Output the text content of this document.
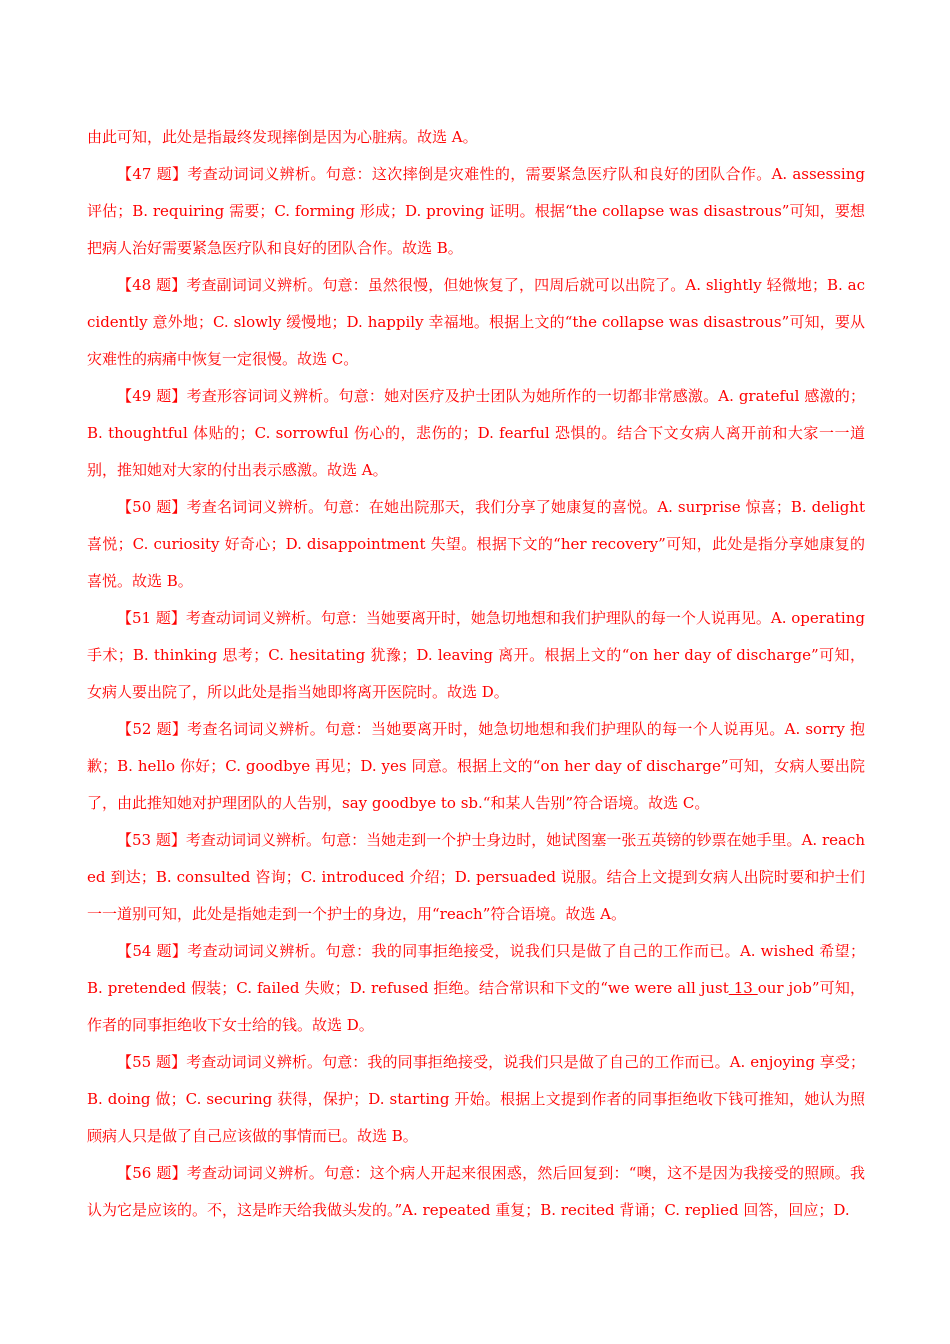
由此可知，此处是指最终发现摔倒是因为心脏病。故选 A。

【47 题】考查动词词义辨析。句意：这次摔倒是灾难性的，需要紧急医疗队和良好的团队合作。A. assessing 评估；B. requiring 需要；C. forming 形成；D. proving 证明。根据“the collapse was disastrous”可知，要想把病人治好需要紧急医疗队和良好的团队合作。故选 B。

【48 题】考查副词词义辨析。句意：虽然很慢，但她恢复了，四周后就可以出院了。A. slightly 轻微地；B. accidently 意外地；C. slowly 缓慢地；D. happily 幸福地。根据上文的“the collapse was disastrous”可知，要从灾难性的病痛中恢复一定很慢。故选 C。

【49 题】考查形容词词义辨析。句意：她对医疗及护士团队为她所作的一切都非常感激。A. grateful 感激的；B. thoughtful 体贴的；C. sorrowful 伤心的，悲伤的；D. fearful 恐惧的。结合下文女病人离开前和大家一一道别，推知她对大家的付出表示感激。故选 A。

【50 题】考查名词词义辨析。句意：在她出院那天，我们分享了她康复的喜悦。A. surprise 惊喜；B. delight 喜悦；C. curiosity 好奇心；D. disappointment 失望。根据下文的“her recovery”可知，此处是指分享她康复的喜悦。故选 B。

【51 题】考查动词词义辨析。句意：当她要离开时，她急切地想和我们护理队的每一个人说再见。A. operating 手术；B. thinking 思考；C. hesitating 犹豫；D. leaving 离开。根据上文的“on her day of discharge”可知，女病人要出院了，所以此处是指当她即将离开医院时。故选 D。

【52 题】考查名词词义辨析。句意：当她要离开时，她急切地想和我们护理队的每一个人说再见。A. sorry 抱歉；B. hello 你好；C. goodbye 再见；D. yes 同意。根据上文的“on her day of discharge”可知，女病人要出院了，由此推知她对护理团队的人告别，say goodbye to sb.“和某人告别”符合语境。故选 C。

【53 题】考查动词词义辨析。句意：当她走到一个护士身边时，她试图塞一张五英镑的钞票在她手里。A. reached 到达；B. consulted 咨询；C. introduced 介绍；D. persuaded 说服。结合上文提到女病人出院时要和护士们一一道别可知，此处是指她走到一个护士的身边，用“reach”符合语境。故选 A。

【54 题】考查动词词义辨析。句意：我的同事拒绝接受，说我们只是做了自己的工作而已。A. wished 希望；B. pretended 假装；C. failed 失败；D. refused 拒绝。结合常识和下文的“we were all just 13 our job”可知，作者的同事拒绝收下女士给的钱。故选 D。

【55 题】考查动词词义辨析。句意：我的同事拒绝接受，说我们只是做了自己的工作而已。A. enjoying 享受；B. doing 做；C. securing 获得，保护；D. starting 开始。根据上文提到作者的同事拒绝收下钱可推知，她认为照顾病人只是做了自己应该做的事情而已。故选 B。

【56 题】考查动词词义辨析。句意：这个病人开起来很困惑，然后回复到：“噢，这不是因为我接受的照顾。我认为它是应该的。不，这是昨天给我做头发的。”A. repeated 重复；B. recited 背诵；C. replied 回答，回应；D.
